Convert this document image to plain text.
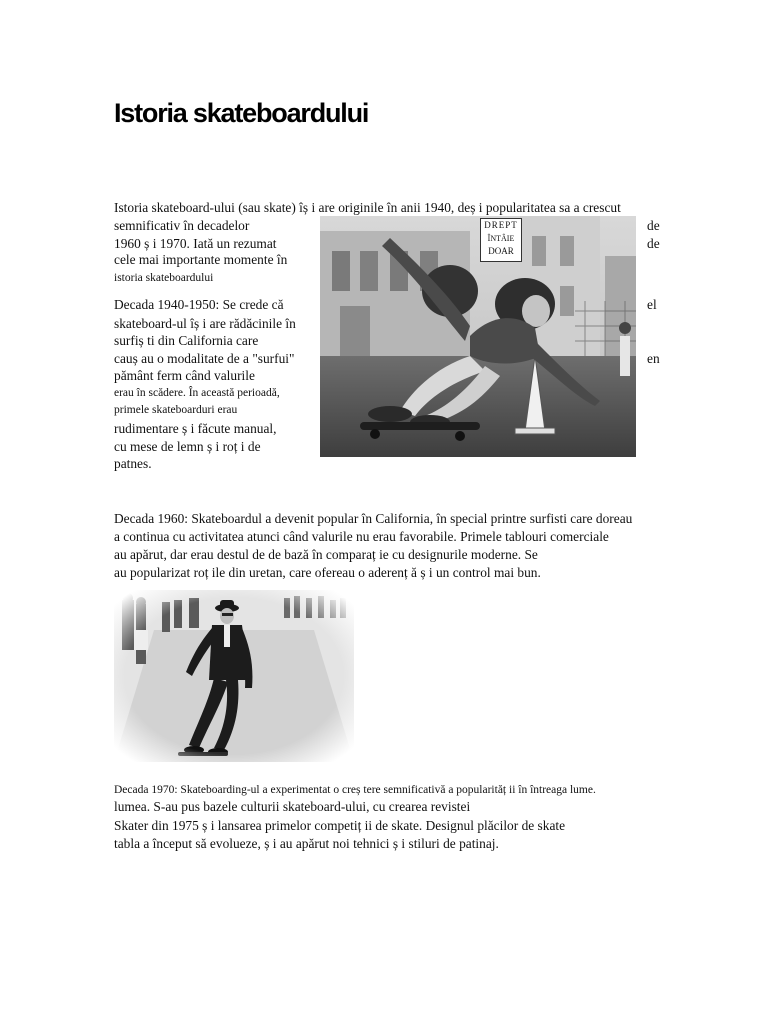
Istoria skateboardului
Istoria skateboard-ului (sau skate) îș i are originile în anii 1940, deș i popularitatea sa a crescut
semnificativ în decadelor	de
1960 ș i 1970. Iată un rezumat	de
cele mai importante momente în
istoria skateboardului
Decada 1940-1950: Se crede că	el
skateboard-ul îș i are rădăcinile în
surfiș ti din California care
cauș au o modalitate de a "surfui"	en
pământ ferm când valurile
erau în scădere. În această perioadă,
primele skateboarduri erau
rudimentare ș i făcute manual,
cu mese de lemn ș i roț i de
patnes.
DREPT
ÎNTÂIE
DOAR
Decada 1960: Skateboardul a devenit popular în California, în special printre surfisti care doreau
a continua cu activitatea atunci când valurile nu erau favorabile. Primele tablouri comerciale
au apărut, dar erau destul de de bază în comparaț ie cu designurile moderne. Se
au popularizat roț ile din uretan, care ofereau o aderenț ă ș i un control mai bun.
Decada 1970: Skateboarding-ul a experimentat o creș tere semnificativă a popularităț ii în întreaga lume.
lumea. S-au pus bazele culturii skateboard-ului, cu crearea revistei
Skater din 1975 ș i lansarea primelor competiț ii de skate. Designul plăcilor de skate
tabla a început să evolueze, ș i au apărut noi tehnici ș i stiluri de patinaj.
